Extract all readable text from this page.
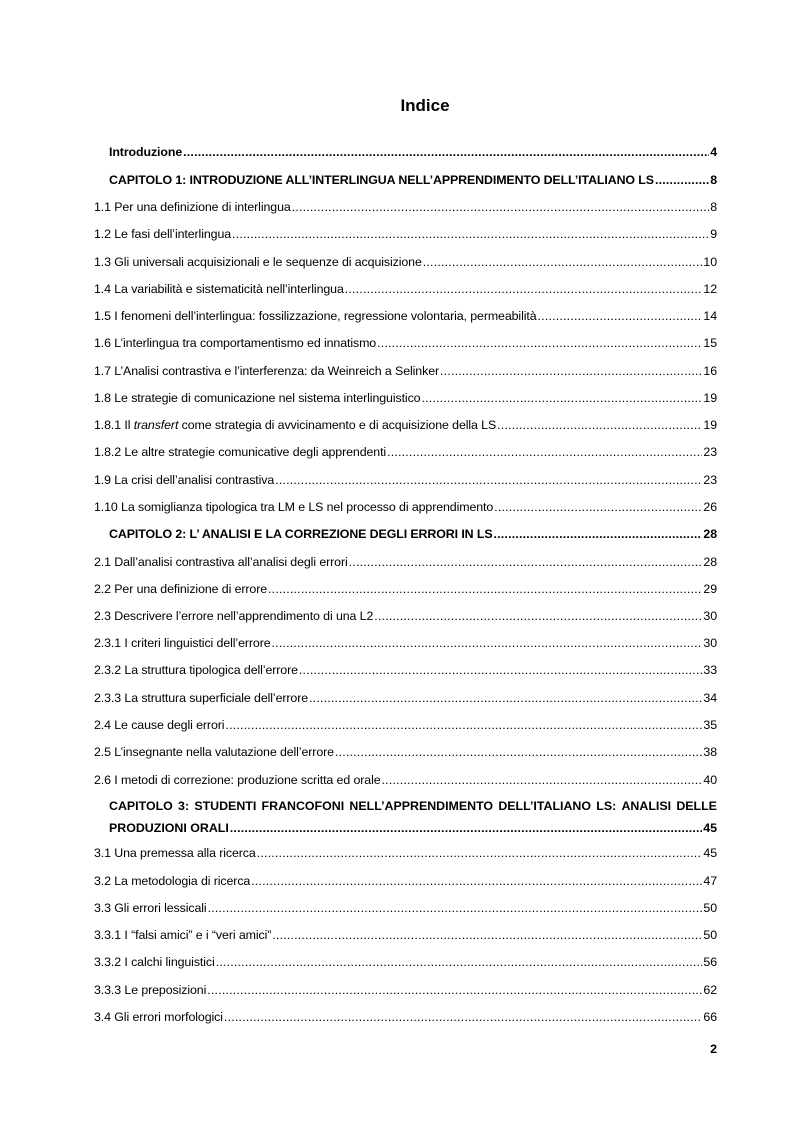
Indice
Introduzione .....	4
CAPITOLO 1: INTRODUZIONE ALL’INTERLINGUA NELL’APPRENDIMENTO DELL’ITALIANO LS .....	8
1.1 Per una definizione di interlingua .....	8
1.2 Le fasi dell’interlingua .....	9
1.3 Gli universali acquisizionali e le sequenze di acquisizione .....	10
1.4 La variabilità e sistematicità nell’interlingua .....	12
1.5 I fenomeni dell’interlingua: fossilizzazione, regressione volontaria, permeabilità .....	14
1.6 L’interlingua tra comportamentismo ed innatismo .....	15
1.7 L’Analisi contrastiva e l’interferenza: da Weinreich a Selinker .....	16
1.8 Le strategie di comunicazione nel sistema interlinguistico .....	19
1.8.1 Il transfert come strategia di avvicinamento e di acquisizione della LS .....	19
1.8.2 Le altre strategie comunicative degli apprendenti .....	23
1.9 La crisi dell’analisi contrastiva .....	23
1.10 La somiglianza tipologica tra LM e LS nel processo di apprendimento .....	26
CAPITOLO 2: L’ ANALISI E LA CORREZIONE DEGLI ERRORI IN LS .....	28
2.1 Dall’analisi contrastiva all’analisi degli errori .....	28
2.2 Per una definizione di errore .....	29
2.3 Descrivere l’errore nell’apprendimento di una L2 .....	30
2.3.1 I criteri linguistici dell’errore .....	30
2.3.2 La struttura tipologica dell’errore .....	33
2.3.3 La struttura superficiale dell’errore .....	34
2.4 Le cause degli errori .....	35
2.5 L’insegnante nella valutazione dell’errore .....	38
2.6 I metodi di correzione: produzione scritta ed orale .....	40
CAPITOLO 3: STUDENTI FRANCOFONI NELL’APPRENDIMENTO DELL’ITALIANO LS: ANALISI DELLE
PRODUZIONI ORALI .....	45
3.1 Una premessa alla ricerca .....	45
3.2 La metodologia di ricerca .....	47
3.3 Gli errori lessicali .....	50
3.3.1 I “falsi amici” e i “veri amici” .....	50
3.3.2 I calchi linguistici .....	56
3.3.3 Le preposizioni .....	62
3.4 Gli errori morfologici .....	66
2
